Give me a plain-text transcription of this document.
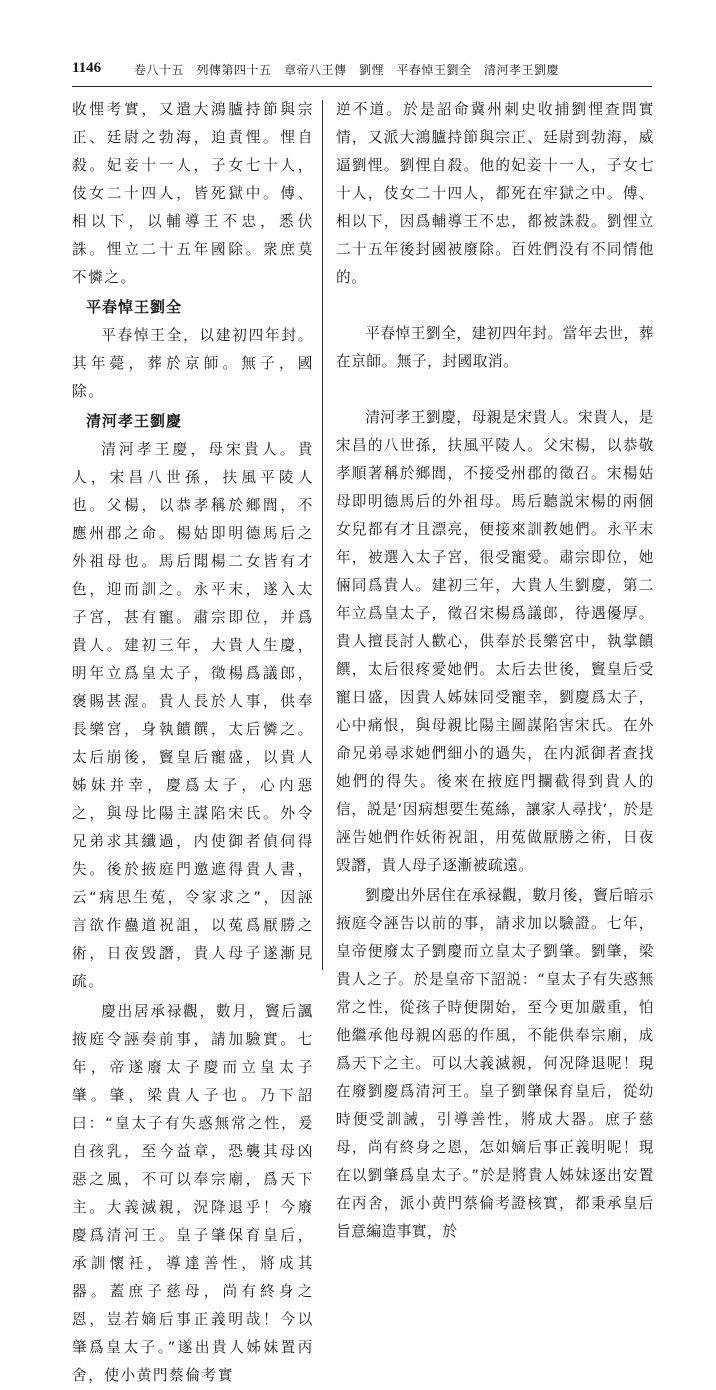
1146	卷八十五　列傳第四十五　章帝八王傳　劉悝　平春悼王劉全　清河孝王劉慶

收悝考實，又遣大鴻臚持節與宗正、廷尉之勃海，迫責悝。悝自殺。妃妾十一人，子女七十人，伎女二十四人，皆死獄中。傅、相以下，以輔導王不忠，悉伏誅。悝立二十五年國除。衆庶莫不憐之。

平春悼王劉全

平春悼王全，以建初四年封。其年薨，葬於京師。無子，國除。

清河孝王劉慶

清河孝王慶，母宋貴人。貴人，宋昌八世孫，扶風平陵人也。父楊，以恭孝稱於鄉閭，不應州郡之命。楊姑即明德馬后之外祖母也。馬后聞楊二女皆有才色，迎而訓之。永平末，遂入太子宮，甚有寵。肅宗即位，并爲貴人。建初三年，大貴人生慶，明年立爲皇太子，徵楊爲議郎，褒賜甚渥。貴人長於人事，供奉長樂宮，身執饋饌，太后憐之。太后崩後，竇皇后寵盛，以貴人姊妹并幸，慶爲太子，心内惡之，與母比陽主謀陷宋氏。外令兄弟求其纖過，内使御者偵伺得失。後於掖庭門邀遮得貴人書，云“病思生菟，令家求之”，因誣言欲作蠱道祝詛，以菟爲厭勝之術，日夜毁譖，貴人母子遂漸見疏。

慶出居承禄觀，數月，竇后諷掖庭令誣奏前事，請加驗實。七年，帝遂廢太子慶而立皇太子肇。肇，梁貴人子也。乃下詔曰：“皇太子有失惑無常之性，爰自孩乳，至今益章，恐襲其母凶惡之風，不可以奉宗廟，爲天下主。大義滅親，況降退乎！今廢慶爲清河王。皇子肇保育皇后，承訓懷衽，導達善性，將成其器。蓋庶子慈母，尚有終身之恩，豈若嫡后事正義明哉！今以肇爲皇太子。”遂出貴人姊妹置丙舍，使小黄門蔡倫考實

逆不道。於是詔命冀州刺史收捕劉悝查問實情，又派大鴻臚持節與宗正、廷尉到勃海，威逼劉悝。劉悝自殺。他的妃妾十一人，子女七十人，伎女二十四人，都死在牢獄之中。傅、相以下，因爲輔導王不忠，都被誅殺。劉悝立二十五年後封國被廢除。百姓們没有不同情他的。

平春悼王劉全，建初四年封。當年去世，葬在京師。無子，封國取消。

清河孝王劉慶，母親是宋貴人。宋貴人，是宋昌的八世孫，扶風平陵人。父宋楊，以恭敬孝順著稱於鄉閭，不接受州郡的徵召。宋楊姑母即明德馬后的外祖母。馬后聽説宋楊的兩個女兒都有才且漂亮，便接來訓教她們。永平末年，被選入太子宮，很受寵愛。肅宗即位，她倆同爲貴人。建初三年，大貴人生劉慶，第二年立爲皇太子，徵召宋楊爲議郎，待遇優厚。貴人擅長討人歡心，供奉於長樂宮中，執掌饋饌，太后很疼愛她們。太后去世後，竇皇后受寵日盛，因貴人姊妹同受寵幸，劉慶爲太子，心中痛恨，與母親比陽主圖謀陷害宋氏。在外命兄弟尋求她們細小的過失，在内派御者查找她們的得失。後來在掖庭門攔截得到貴人的信，説是‘因病想要生菟絲，讓家人尋找’，於是誣告她們作妖術祝詛，用菟做厭勝之術，日夜毁譖，貴人母子逐漸被疏遠。

劉慶出外居住在承禄觀，數月後，竇后暗示掖庭令誣告以前的事，請求加以驗證。七年，皇帝便廢太子劉慶而立皇太子劉肇。劉肇，梁貴人之子。於是皇帝下詔説：“皇太子有失惑無常之性，從孩子時便開始，至今更加嚴重，怕他繼承他母親凶惡的作風，不能供奉宗廟，成爲天下之主。可以大義滅親，何况降退呢！現在廢劉慶爲清河王。皇子劉肇保育皇后，從幼時便受訓誡，引導善性，將成大器。庶子慈母，尚有終身之恩，怎如嫡后事正義明呢！現在以劉肇爲皇太子。”於是將貴人姊妹逐出安置在丙舍，派小黄門蔡倫考證核實，都秉承皇后旨意編造事實，於
